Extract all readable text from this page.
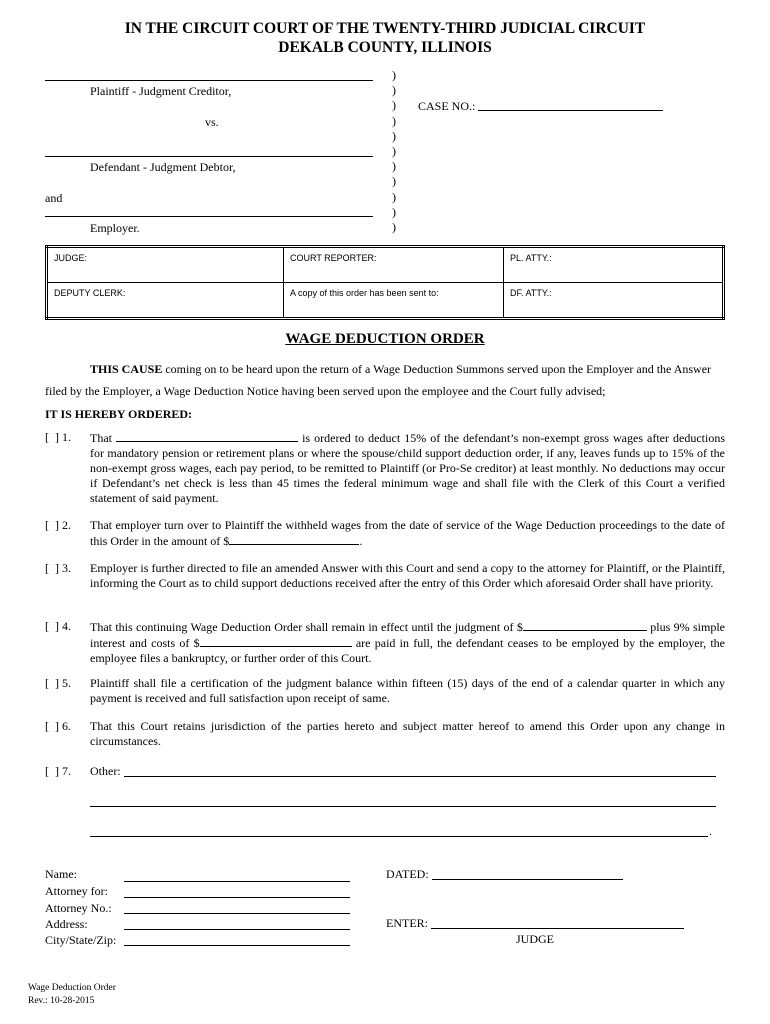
IN THE CIRCUIT COURT OF THE TWENTY-THIRD JUDICIAL CIRCUIT
DEKALB COUNTY, ILLINOIS
Plaintiff - Judgment Creditor,
vs.
Defendant - Judgment Debtor,
and
Employer.
)
)
)
)
)
)
)
)
)
)
)
CASE NO.:
JUDGE:	COURT REPORTER:	PL. ATTY.:
DEPUTY CLERK:	A copy of this order has been sent to:	DF. ATTY.:
WAGE DEDUCTION ORDER
THIS CAUSE coming on to be heard upon the return of a Wage Deduction Summons served upon the Employer and the Answer
filed by the Employer, a Wage Deduction Notice having been served upon the employee and the Court fully advised;
IT IS HEREBY ORDERED:
[  ] 1. That	is ordered to deduct 15% of the defendant’s non-exempt gross wages after deductions for mandatory pension or retirement plans or where the spouse/child support deduction order, if any, leaves funds up to 15% of the non-exempt gross wages, each pay period, to be remitted to Plaintiff (or Pro-Se creditor) at least monthly. No deductions may occur if Defendant’s net check is less than 45 times the federal minimum wage and shall file with the Clerk of this Court a verified statement of said payment.
[  ] 2. That employer turn over to Plaintiff the withheld wages from the date of service of the Wage Deduction proceedings to the date of this Order in the amount of $	.
[  ] 3. Employer is further directed to file an amended Answer with this Court and send a copy to the attorney for Plaintiff, or the Plaintiff, informing the Court as to child support deductions received after the entry of this Order which aforesaid Order shall have priority.
[  ] 4. That this continuing Wage Deduction Order shall remain in effect until the judgment of $	plus 9% simple interest and costs of $	are paid in full, the defendant ceases to be employed by the employer, the employee files a bankruptcy, or further order of this Court.
[  ] 5. Plaintiff shall file a certification of the judgment balance within fifteen (15) days of the end of a calendar quarter in which any payment is received and full satisfaction upon receipt of same.
[  ] 6. That this Court retains jurisdiction of the parties hereto and subject matter hereof to amend this Order upon any change in circumstances.
[  ] 7. Other:
.
Name:
Attorney for:
Attorney No.:
Address:
City/State/Zip:
DATED:
ENTER:
JUDGE
Wage Deduction Order
Rev.: 10-28-2015
